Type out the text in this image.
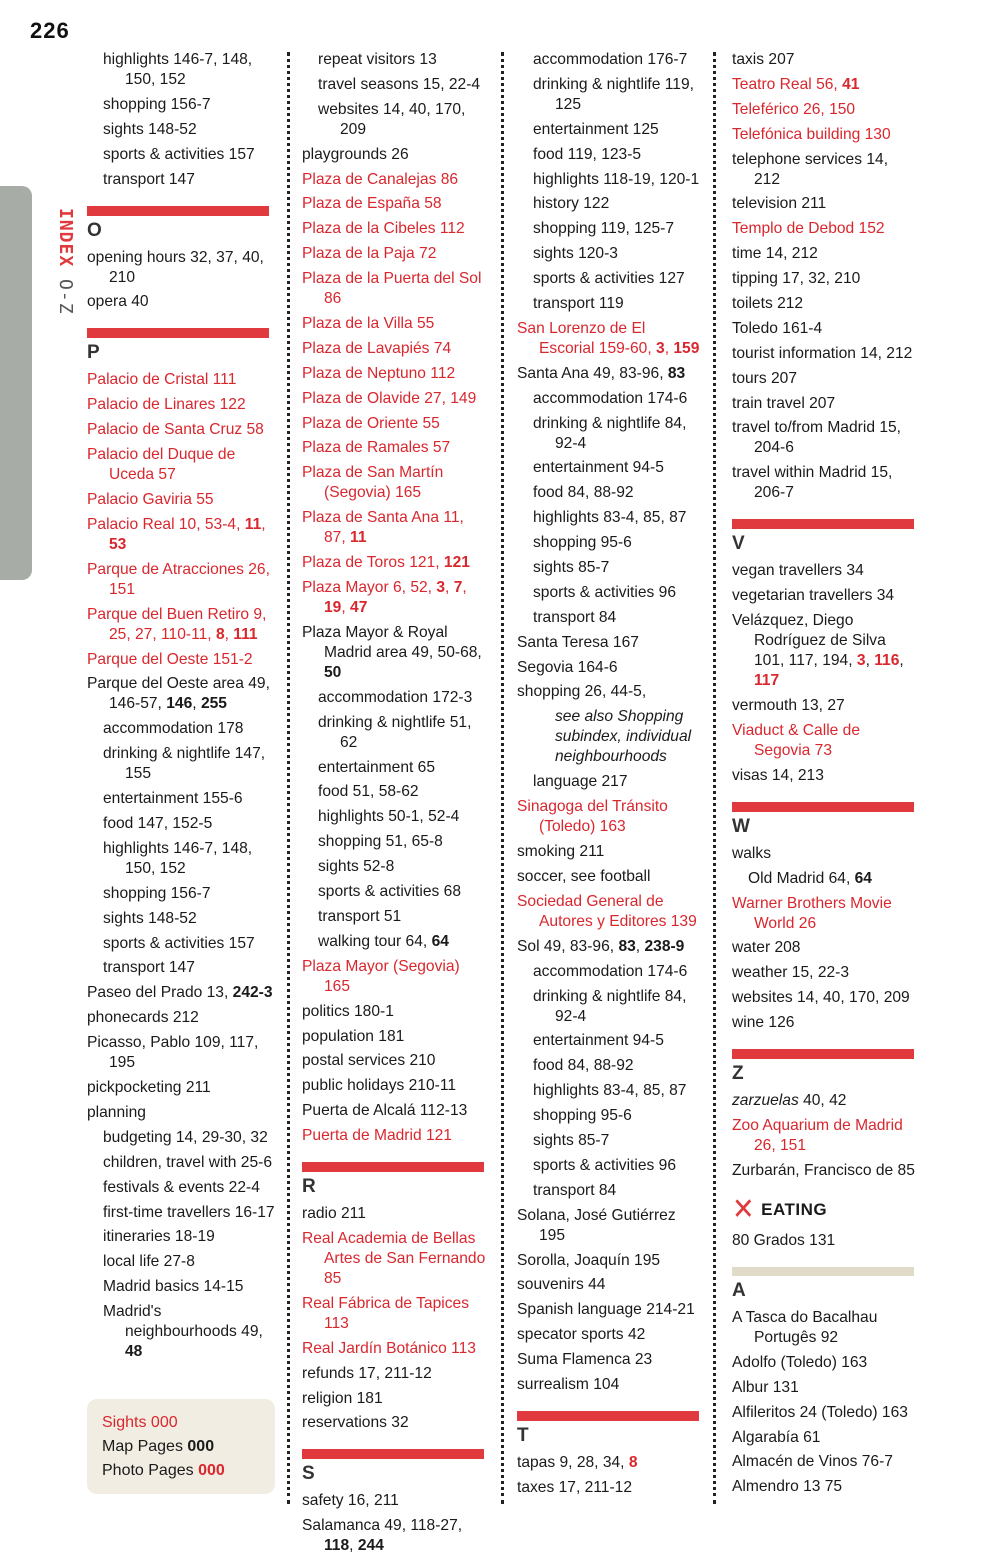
226
INDEX O-Z
highlights 146-7, 148, 150, 152
shopping 156-7
sights 148-52
sports & activities 157
transport 147
O
opening hours 32, 37, 40, 210
opera 40
P
Palacio de Cristal 111
Palacio de Linares 122
Palacio de Santa Cruz 58
Palacio del Duque de Uceda 57
Palacio Gaviria 55
Palacio Real 10, 53-4, 11, 53
Parque de Atracciones 26, 151
Parque del Buen Retiro 9, 25, 27, 110-11, 8, 111
Parque del Oeste 151-2
Parque del Oeste area 49, 146-57, 146, 255
accommodation 178
drinking & nightlife 147, 155
entertainment 155-6
food 147, 152-5
highlights 146-7, 148, 150, 152
shopping 156-7
sights 148-52
sports & activities 157
transport 147
Paseo del Prado 13, 242-3
phonecards 212
Picasso, Pablo 109, 117, 195
pickpocketing 211
planning
budgeting 14, 29-30, 32
children, travel with 25-6
festivals & events 22-4
first-time travellers 16-17
itineraries 18-19
local life 27-8
Madrid basics 14-15
Madrid's neighbourhoods 49, 48
repeat visitors 13
travel seasons 15, 22-4
websites 14, 40, 170, 209
playgrounds 26
Plaza de Canalejas 86
Plaza de España 58
Plaza de la Cibeles 112
Plaza de la Paja 72
Plaza de la Puerta del Sol 86
Plaza de la Villa 55
Plaza de Lavapiés 74
Plaza de Neptuno 112
Plaza de Olavide 27, 149
Plaza de Oriente 55
Plaza de Ramales 57
Plaza de San Martín (Segovia) 165
Plaza de Santa Ana 11, 87, 11
Plaza de Toros 121, 121
Plaza Mayor 6, 52, 3, 7, 19, 47
Plaza Mayor & Royal Madrid area 49, 50-68, 50
accommodation 172-3
drinking & nightlife 51, 62
entertainment 65
food 51, 58-62
highlights 50-1, 52-4
shopping 51, 65-8
sights 52-8
sports & activities 68
transport 51
walking tour 64, 64
Plaza Mayor (Segovia) 165
politics 180-1
population 181
postal services 210
public holidays 210-11
Puerta de Alcalá 112-13
Puerta de Madrid 121
R
radio 211
Real Academia de Bellas Artes de San Fernando 85
Real Fábrica de Tapices 113
Real Jardín Botánico 113
refunds 17, 211-12
religion 181
reservations 32
S
safety 16, 211
Salamanca 49, 118-27, 118, 244
accommodation 176-7
drinking & nightlife 119, 125
entertainment 125
food 119, 123-5
highlights 118-19, 120-1
history 122
shopping 119, 125-7
sights 120-3
sports & activities 127
transport 119
San Lorenzo de El Escorial 159-60, 3, 159
Santa Ana 49, 83-96, 83
accommodation 174-6
drinking & nightlife 84, 92-4
entertainment 94-5
food 84, 88-92
highlights 83-4, 85, 87
shopping 95-6
sights 85-7
sports & activities 96
transport 84
Santa Teresa 167
Segovia 164-6
shopping 26, 44-5,
see also Shopping subindex, individual neighbourhoods
language 217
Sinagoga del Tránsito (Toledo) 163
smoking 211
soccer, see football
Sociedad General de Autores y Editores 139
Sol 49, 83-96, 83, 238-9
accommodation 174-6
drinking & nightlife 84, 92-4
entertainment 94-5
food 84, 88-92
highlights 83-4, 85, 87
shopping 95-6
sights 85-7
sports & activities 96
transport 84
Solana, José Gutiérrez 195
Sorolla, Joaquín 195
souvenirs 44
Spanish language 214-21
specator sports 42
Suma Flamenca 23
surrealism 104
T
tapas 9, 28, 34, 8
taxes 17, 211-12
taxis 207
Teatro Real 56, 41
Teleférico 26, 150
Telefónica building 130
telephone services 14, 212
television 211
Templo de Debod 152
time 14, 212
tipping 17, 32, 210
toilets 212
Toledo 161-4
tourist information 14, 212
tours 207
train travel 207
travel to/from Madrid 15, 204-6
travel within Madrid 15, 206-7
V
vegan travellers 34
vegetarian travellers 34
Velázquez, Diego Rodríguez de Silva 101, 117, 194, 3, 116, 117
vermouth 13, 27
Viaduct & Calle de Segovia 73
visas 14, 213
W
walks
Old Madrid 64, 64
Warner Brothers Movie World 26
water 208
weather 15, 22-3
websites 14, 40, 170, 209
wine 126
Z
zarzuelas 40, 42
Zoo Aquarium de Madrid 26, 151
Zurbarán, Francisco de 85
✕ EATING
80 Grados 131
A
A Tasca do Bacalhau Portugês 92
Adolfo (Toledo) 163
Albur 131
Alfileritos 24 (Toledo) 163
Algarabía 61
Almacén de Vinos 76-7
Almendro 13 75
Sights 000
Map Pages 000
Photo Pages 000
